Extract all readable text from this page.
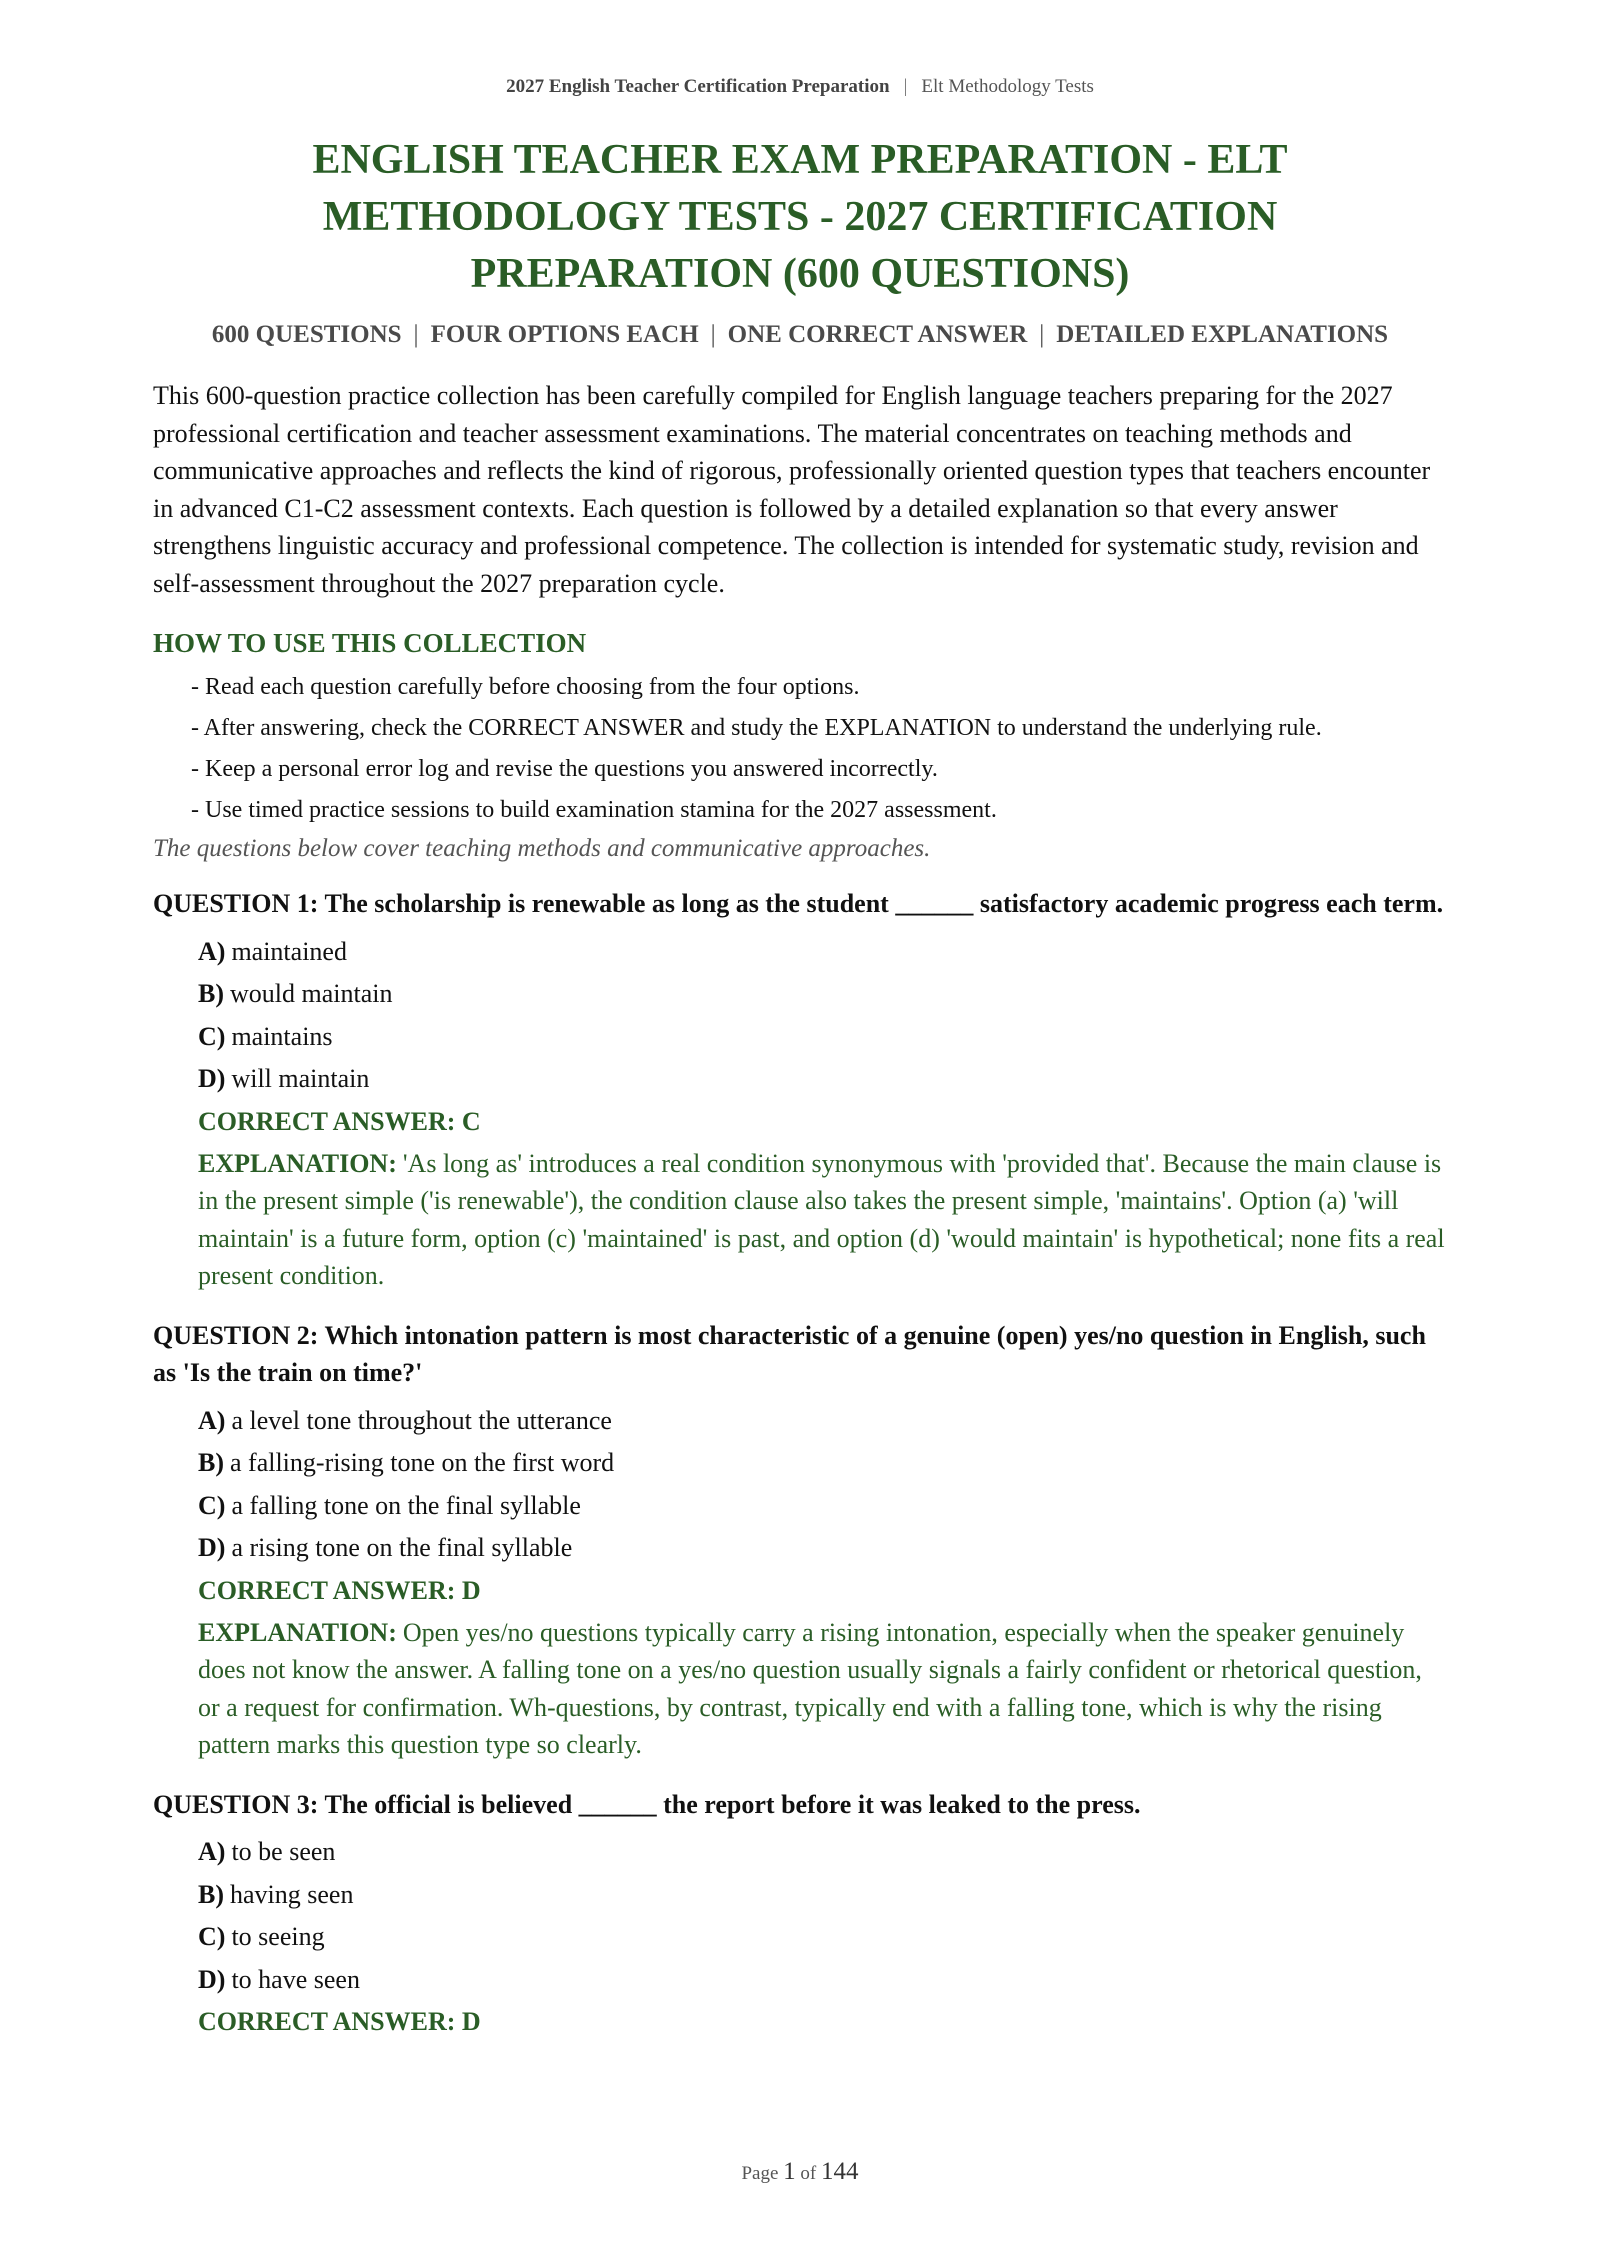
2027 English Teacher Certification Preparation | Elt Methodology Tests
ENGLISH TEACHER EXAM PREPARATION - ELT METHODOLOGY TESTS - 2027 CERTIFICATION PREPARATION (600 QUESTIONS)
600 QUESTIONS | FOUR OPTIONS EACH | ONE CORRECT ANSWER | DETAILED EXPLANATIONS

This 600-question practice collection has been carefully compiled for English language teachers preparing for the 2027 professional certification and teacher assessment examinations. The material concentrates on teaching methods and communicative approaches and reflects the kind of rigorous, professionally oriented question types that teachers encounter in advanced C1-C2 assessment contexts. Each question is followed by a detailed explanation so that every answer strengthens linguistic accuracy and professional competence. The collection is intended for systematic study, revision and self-assessment throughout the 2027 preparation cycle.

HOW TO USE THIS COLLECTION
- Read each question carefully before choosing from the four options.
- After answering, check the CORRECT ANSWER and study the EXPLANATION to understand the underlying rule.
- Keep a personal error log and revise the questions you answered incorrectly.
- Use timed practice sessions to build examination stamina for the 2027 assessment.
The questions below cover teaching methods and communicative approaches.
QUESTION 1: The scholarship is renewable as long as the student ______ satisfactory academic progress each term.
A) maintained
B) would maintain
C) maintains
D) will maintain
CORRECT ANSWER: C
EXPLANATION: 'As long as' introduces a real condition synonymous with 'provided that'. Because the main clause is in the present simple ('is renewable'), the condition clause also takes the present simple, 'maintains'. Option (a) 'will maintain' is a future form, option (c) 'maintained' is past, and option (d) 'would maintain' is hypothetical; none fits a real present condition.
QUESTION 2: Which intonation pattern is most characteristic of a genuine (open) yes/no question in English, such as 'Is the train on time?'
A) a level tone throughout the utterance
B) a falling-rising tone on the first word
C) a falling tone on the final syllable
D) a rising tone on the final syllable
CORRECT ANSWER: D
EXPLANATION: Open yes/no questions typically carry a rising intonation, especially when the speaker genuinely does not know the answer. A falling tone on a yes/no question usually signals a fairly confident or rhetorical question, or a request for confirmation. Wh-questions, by contrast, typically end with a falling tone, which is why the rising pattern marks this question type so clearly.
QUESTION 3: The official is believed ______ the report before it was leaked to the press.
A) to be seen
B) having seen
C) to seeing
D) to have seen
CORRECT ANSWER: D
Page 1 of 144
